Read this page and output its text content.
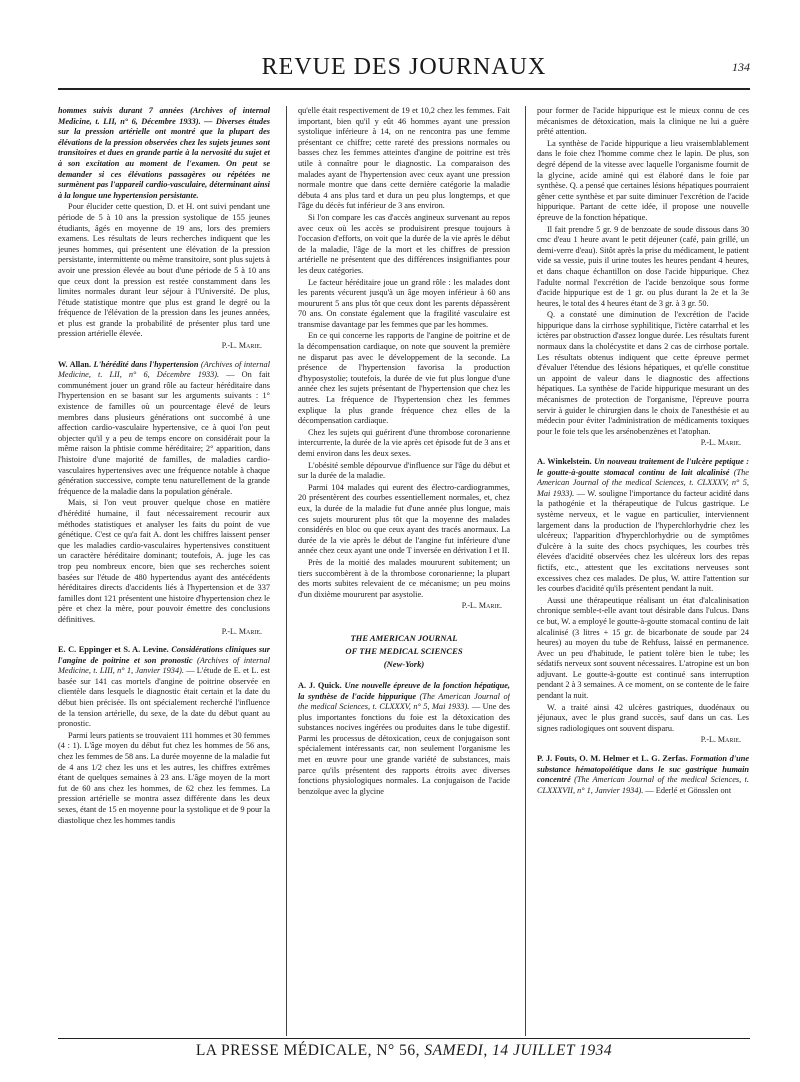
REVUE DES JOURNAUX	134

hommes suivis durant 7 années (Archives of internal Medicine, t. LII, n° 6, Décembre 1933). — Diverses études sur la pression artérielle ont montré que la plupart des élévations de la pression observées chez les sujets jeunes sont transitoires et dues en grande partie à la nervosité du sujet et à son excitation au moment de l'examen. On peut se demander si ces élévations passagères ou répétées ne surmènent pas l'appareil cardio-vasculaire, déterminant ainsi à la longue une hypertension persistante.

Pour élucider cette question, D. et H. ont suivi pendant une période de 5 à 10 ans la pression systolique de 155 jeunes étudiants, âgés en moyenne de 19 ans, lors des premiers examens. Les résultats de leurs recherches indiquent que les jeunes hommes, qui présentent une élévation de la pression persistante, intermittente ou même transitoire, sont plus sujets à avoir une pression élevée au bout d'une période de 5 à 10 ans que ceux dont la pression est restée constamment dans les limites normales durant leur séjour à l'Université. De plus, l'étude statistique montre que plus est grand le degré ou la fréquence de l'élévation de la pression dans les jeunes années, et plus est grande la probabilité de présenter plus tard une pression artérielle élevée.

P.-L. Marie.

W. Allan. L'hérédité dans l'hypertension (Archives of internal Medicine, t. LII, n° 6, Décembre 1933). — On fait communément jouer un grand rôle au facteur héréditaire dans l'hypertension en se basant sur les arguments suivants : 1° existence de familles où un pourcentage élevé de leurs membres dans plusieurs générations ont succombé à une affection cardio-vasculaire hypertensive, ce à quoi l'on peut objecter qu'il y a peu de temps encore on considérait pour la même raison la phtisie comme héréditaire; 2° apparition, dans l'histoire d'une majorité de familles, de maladies cardio-vasculaires hypertensives avec une fréquence notable à chaque génération successive, compte tenu naturellement de la grande fréquence de la maladie dans la population générale.

Mais, si l'on veut prouver quelque chose en matière d'hérédité humaine, il faut nécessairement recourir aux méthodes statistiques et analyser les faits du point de vue génétique. C'est ce qu'a fait A. dont les chiffres laissent penser que les maladies cardio-vasculaires hypertensives constituent un caractère héréditaire dominant; toutefois, A. juge les cas trop peu nombreux encore, bien que ses recherches soient basées sur l'étude de 480 hypertendus ayant des antécédents héréditaires directs d'accidents liés à l'hypertension et de 337 familles dont 121 présentent une histoire d'hypertension chez le père et chez la mère, pour pouvoir émettre des conclusions définitives.

P.-L. Marie.

E. C. Eppinger et S. A. Levine. Considérations cliniques sur l'angine de poitrine et son pronostic (Archives of internal Medicine, t. LIII, n° 1, Janvier 1934). — L'étude de E. et L. est basée sur 141 cas mortels d'angine de poitrine observée en clientèle dans lesquels le diagnostic était certain et la date du début bien précisée. Ils ont spécialement recherché l'influence de la tension artérielle, du sexe, de la date du début quant au pronostic.

Parmi leurs patients se trouvaient 111 hommes et 30 femmes (4 : 1). L'âge moyen du début fut chez les hommes de 56 ans, chez les femmes de 58 ans. La durée moyenne de la maladie fut de 4 ans 1/2 chez les uns et les autres, les chiffres extrêmes étant de quelques semaines à 23 ans. L'âge moyen de la mort fut de 60 ans chez les hommes, de 62 chez les femmes. La pression artérielle se montra assez différente dans les deux sexes, étant de 15 en moyenne pour la systolique et de 9 pour la diastolique chez les hommes tandis

qu'elle était respectivement de 19 et 10,2 chez les femmes. Fait important, bien qu'il y eût 46 hommes ayant une pression systolique inférieure à 14, on ne rencontra pas une femme présentant ce chiffre; cette rareté des pressions normales ou basses chez les femmes atteintes d'angine de poitrine est très utile à connaître pour le diagnostic. La comparaison des malades ayant de l'hypertension avec ceux ayant une pression normale montre que dans cette dernière catégorie la maladie débuta 4 ans plus tard et dura un peu plus longtemps, et que l'âge du décès fut inférieur de 3 ans environ.

Si l'on compare les cas d'accès angineux survenant au repos avec ceux où les accès se produisirent presque toujours à l'occasion d'efforts, on voit que la durée de la vie après le début de la maladie, l'âge de la mort et les chiffres de pression artérielle ne présentent que des différences insignifiantes pour les deux catégories.

Le facteur héréditaire joue un grand rôle : les malades dont les parents vécurent jusqu'à un âge moyen inférieur à 60 ans moururent 5 ans plus tôt que ceux dont les parents dépassèrent 70 ans. On constate également que la fragilité vasculaire est transmise davantage par les femmes que par les hommes.

En ce qui concerne les rapports de l'angine de poitrine et de la décompensation cardiaque, on note que souvent la première ne disparut pas avec le développement de la seconde. La présence de l'hypertension favorisa la production d'hyposystolie; toutefois, la durée de vie fut plus longue d'une année chez les sujets présentant de l'hypertension que chez les autres. La fréquence de l'hypertension chez les femmes explique la plus grande fréquence chez elles de la décompensation cardiaque.

Chez les sujets qui guérirent d'une thrombose coronarienne intercurrente, la durée de la vie après cet épisode fut de 3 ans et demi environ dans les deux sexes.

L'obésité semble dépourvue d'influence sur l'âge du début et sur la durée de la maladie.

Parmi 104 malades qui eurent des électro-cardiogrammes, 20 présentèrent des courbes essentiellement normales, et, chez eux, la durée de la maladie fut d'une année plus longue, mais ces sujets moururent plus tôt que la moyenne des malades considérés en bloc ou que ceux ayant des tracés anormaux. La durée de la vie après le début de l'angine fut inférieure d'une année chez ceux ayant une onde T inversée en dérivation I et II.

Près de la moitié des malades moururent subitement; un tiers succombèrent à de la thrombose coronarienne; la plupart des morts subites relevaient de ce mécanisme; un peu moins d'un dixième moururent par asystolie.

P.-L. Marie.
THE AMERICAN JOURNAL
OF THE MEDICAL SCIENCES
(New-York)

A. J. Quick. Une nouvelle épreuve de la fonction hépatique, la synthèse de l'acide hippurique (The American Journal of the medical Sciences, t. CLXXXV, n° 5, Mai 1933). — Une des plus importantes fonctions du foie est la détoxication des substances nocives ingérées ou produites dans le tube digestif. Parmi les processus de détoxication, ceux de conjugaison sont spécialement intéressants car, non seulement l'organisme les met en œuvre pour une grande variété de substances, mais parce qu'ils présentent des rapports étroits avec diverses fonctions physiologiques normales. La conjugaison de l'acide benzoïque avec la glycine

pour former de l'acide hippurique est le mieux connu de ces mécanismes de détoxication, mais la clinique ne lui a guère prêté attention.

La synthèse de l'acide hippurique a lieu vraisemblablement dans le foie chez l'homme comme chez le lapin. De plus, son degré dépend de la vitesse avec laquelle l'organisme fournit de la glycine, acide aminé qui est élaboré dans le foie par synthèse. Q. a pensé que certaines lésions hépatiques pourraient gêner cette synthèse et par suite diminuer l'excrétion de l'acide hippurique. Partant de cette idée, il propose une nouvelle épreuve de la fonction hépatique.

Il fait prendre 5 gr. 9 de benzoate de soude dissous dans 30 cmc d'eau 1 heure avant le petit déjeuner (café, pain grillé, un demi-verre d'eau). Sitôt après la prise du médicament, le patient vide sa vessie, puis il urine toutes les heures pendant 4 heures, et dans chaque échantillon on dose l'acide hippurique. Chez l'adulte normal l'excrétion de l'acide benzoïque sous forme d'acide hippurique est de 1 gr. ou plus durant la 2e et la 3e heures, le total des 4 heures étant de 3 gr. à 3 gr. 50.

Q. a constaté une diminution de l'excrétion de l'acide hippurique dans la cirrhose syphilitique, l'ictère catarrhal et les ictères par obstruction d'assez longue durée. Les résultats furent normaux dans la cholécystite et dans 2 cas de cirrhose portale. Les résultats obtenus indiquent que cette épreuve permet d'évaluer l'étendue des lésions hépatiques, et qu'elle constitue un appoint de valeur dans le diagnostic des affections hépatiques. La synthèse de l'acide hippurique mesurant un des mécanismes de protection de l'organisme, l'épreuve pourra servir à guider le chirurgien dans le choix de l'anesthésie et au médecin pour éviter l'administration de médicaments toxiques pour le foie tels que les arsénobenzènes et l'atophan.

P.-L. Marie.

A. Winkelstein. Un nouveau traitement de l'ulcère peptique : le goutte-à-goutte stomacal continu de lait alcalinisé (The American Journal of the medical Sciences, t. CLXXXV, n° 5, Mai 1933). — W. souligne l'importance du facteur acidité dans la pathogénie et la thérapeutique de l'ulcus gastrique. Le système nerveux, et le vague en particulier, interviennent largement dans la production de l'hyperchlorhydrie chez les ulcéreux; l'apparition d'hyperchlorhydrie ou de symptômes d'ulcère à la suite des chocs psychiques, les courbes très élevées d'acidité observées chez les ulcéreux lors des repas fictifs, etc., attestent que les excitations nerveuses sont excessives chez ces malades. De plus, W. attire l'attention sur les courbes d'acidité qu'ils présentent pendant la nuit.

Aussi une thérapeutique réalisant un état d'alcalinisation chronique semble-t-elle avant tout désirable dans l'ulcus. Dans ce but, W. a employé le goutte-à-goutte stomacal continu de lait alcalinisé (3 litres + 15 gr. de bicarbonate de soude par 24 heures) au moyen du tube de Rehfuss, laissé en permanence. Avec un peu d'habitude, le patient tolère bien le tube; les sédatifs nerveux sont souvent nécessaires. L'atropine est un bon adjuvant. Le goutte-à-goutte est continué sans interruption pendant 2 à 3 semaines. A ce moment, on se contente de le faire pendant la nuit.

W. a traité ainsi 42 ulcères gastriques, duodénaux ou jéjunaux, avec le plus grand succès, sauf dans un cas. Les signes radiologiques ont souvent disparu.

P.-L. Marie.

P. J. Fouts, O. M. Helmer et L. G. Zerfas. Formation d'une substance hématopoïétique dans le suc gastrique humain concentré (The American Journal of the medical Sciences, t. CLXXXVII, n° 1, Janvier 1934). — Ederlé et Gönsslen ont

LA PRESSE MÉDICALE, N° 56, SAMEDI, 14 JUILLET 1934
